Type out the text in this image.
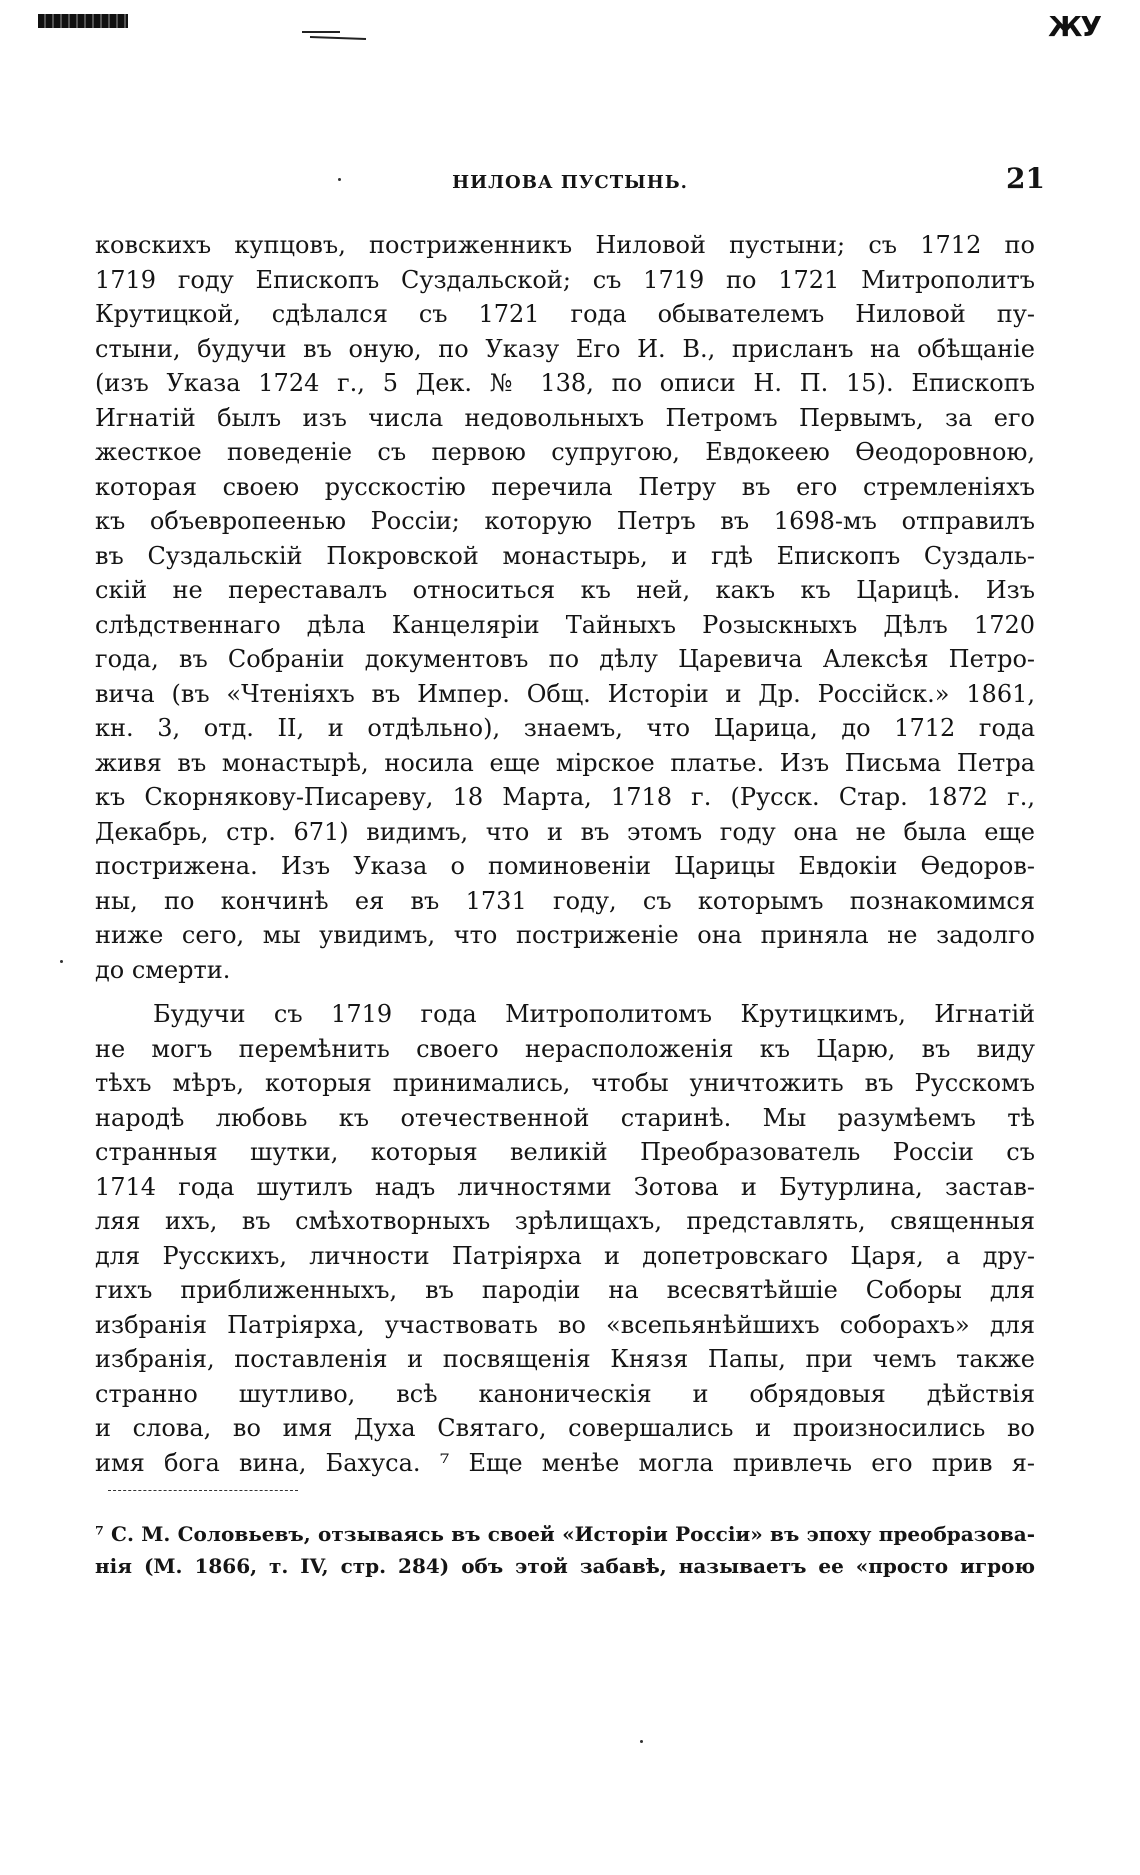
ЖУ
НИЛОВА ПУСТЫНЬ.	21
ковскихъ купцовъ, постриженникъ Ниловой пустыни; съ 1712 по
1719 году Епископъ Суздальской; съ 1719 по 1721 Митрополитъ
Крутицкой, сдѣлался съ 1721 года обывателемъ Ниловой пу-
стыни, будучи въ оную, по Указу Его И. В., присланъ на обѣщаніе
(изъ Указа 1724 г., 5 Дек. № 138, по описи Н. П. 15). Епископъ
Игнатій былъ изъ числа недовольныхъ Петромъ Первымъ, за его
жесткое поведеніе съ первою супругою, Евдокеею Ѳеодоровною,
которая своею русскостію перечила Петру въ его стремленіяхъ
къ объевропеенью Россіи; которую Петръ въ 1698-мъ отправилъ
въ Суздальскій Покровской монастырь, и гдѣ Епископъ Суздаль-
скій не переставалъ относиться къ ней, какъ къ Царицѣ. Изъ
слѣдственнаго дѣла Канцеляріи Тайныхъ Розыскныхъ Дѣлъ 1720
года, въ Собраніи документовъ по дѣлу Царевича Алексѣя Петро-
вича (въ «Чтеніяхъ въ Импер. Общ. Исторіи и Др. Россійск.» 1861,
кн. 3, отд. II, и отдѣльно), знаемъ, что Царица, до 1712 года
живя въ монастырѣ, носила еще мірское платье. Изъ Письма Петра
къ Скорнякову-Писареву, 18 Марта, 1718 г. (Русск. Стар. 1872 г.,
Декабрь, стр. 671) видимъ, что и въ этомъ году она не была еще
пострижена. Изъ Указа о поминовеніи Царицы Евдокіи Ѳедоров-
ны, по кончинѣ ея въ 1731 году, съ которымъ познакомимся
ниже сего, мы увидимъ, что постриженіе она приняла не задолго
до смерти.
Будучи съ 1719 года Митрополитомъ Крутицкимъ, Игнатій
не могъ перемѣнить своего нерасположенія къ Царю, въ виду
тѣхъ мѣръ, которыя принимались, чтобы уничтожить въ Русскомъ
народѣ любовь къ отечественной старинѣ. Мы разумѣемъ тѣ
странныя шутки, которыя великій Преобразователь Россіи съ
1714 года шутилъ надъ личностями Зотова и Бутурлина, застав-
ляя ихъ, въ смѣхотворныхъ зрѣлищахъ, представлять, священныя
для Русскихъ, личности Патріярха и допетровскаго Царя, а дру-
гихъ приближенныхъ, въ пародіи на всесвятѣйшіе Соборы для
избранія Патріярха, участвовать во «всепьянѣйшихъ соборахъ» для
избранія, поставленія и посвященія Князя Папы, при чемъ также
странно шутливо, всѣ каноническія и обрядовыя дѣйствія
и слова, во имя Духа Святаго, совершались и произносились во
имя бога вина, Бахуса. ⁷ Еще менѣе могла привлечь его прив я-
⁷ С. М. Соловьевъ, отзываясь въ своей «Исторіи Россіи» въ эпоху преобразова-
нія (М. 1866, т. IV, стр. 284) объ этой забавѣ, называетъ ее «просто игрою
